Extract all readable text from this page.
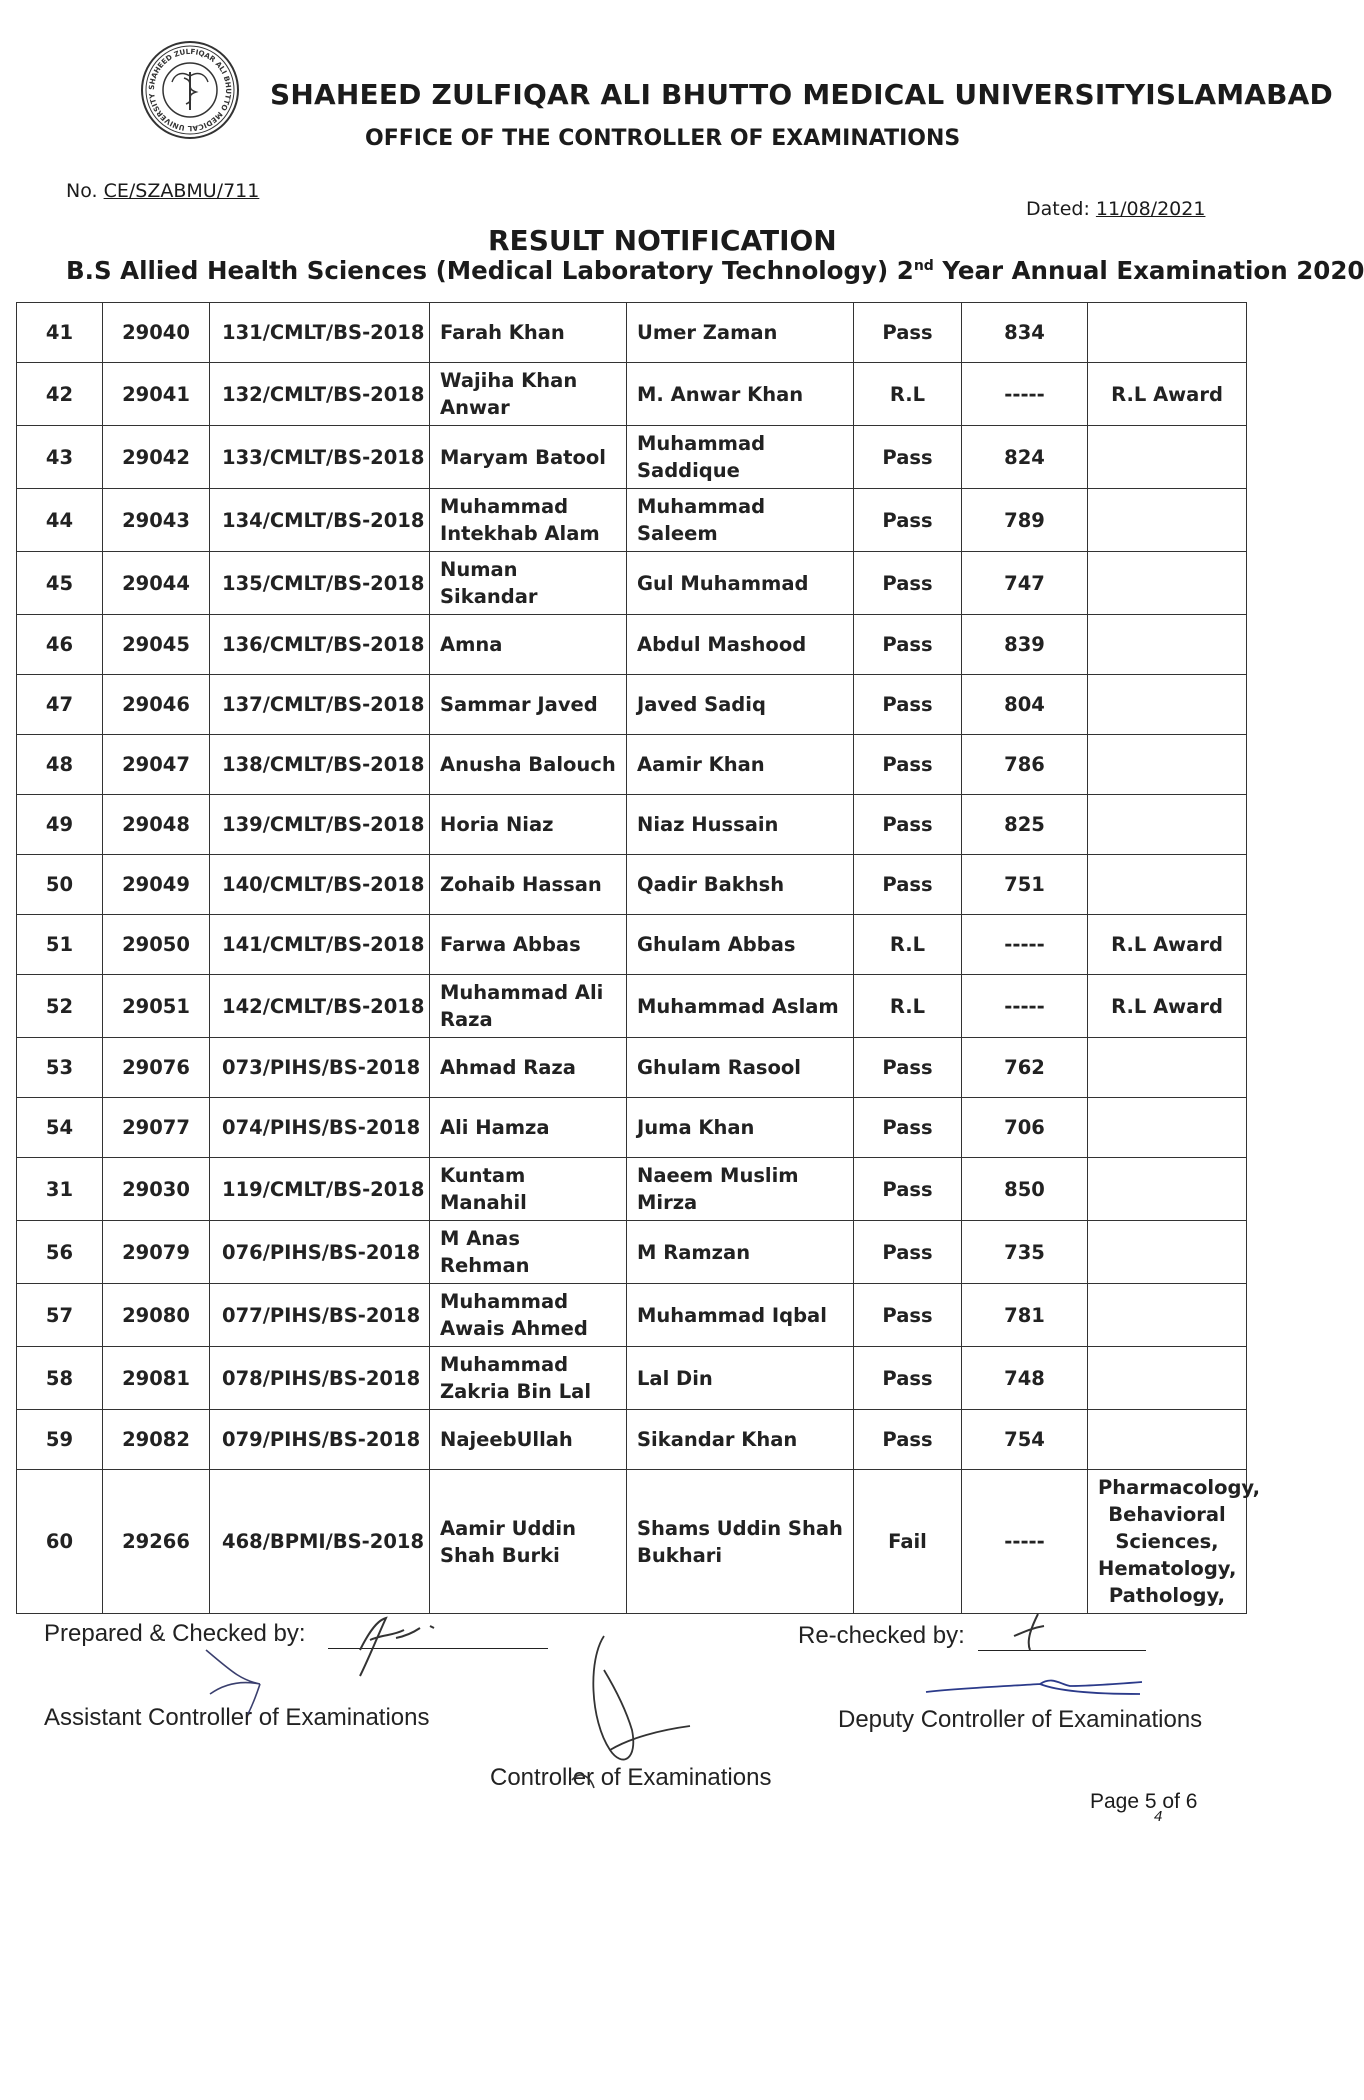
SHAHEED ZULFIQAR ALI BHUTTO MEDICAL UNIVERSITY	SHAHEED ZULFIQAR ALI BHUTTO MEDICAL UNIVERSITYISLAMABAD
OFFICE OF THE CONTROLLER OF EXAMINATIONS
No. CE/SZABMU/711
Dated: 11/08/2021
RESULT NOTIFICATION
B.S Allied Health Sciences (Medical Laboratory Technology) 2nd Year Annual Examination 2020
41	29040	131/CMLT/BS-2018	Farah Khan	Umer Zaman	Pass	834	
42	29041	132/CMLT/BS-2018	Wajiha Khan Anwar	M. Anwar Khan	R.L	-----	R.L Award
43	29042	133/CMLT/BS-2018	Maryam Batool	Muhammad Saddique	Pass	824	
44	29043	134/CMLT/BS-2018	Muhammad Intekhab Alam	Muhammad Saleem	Pass	789	
45	29044	135/CMLT/BS-2018	Numan Sikandar	Gul Muhammad	Pass	747	
46	29045	136/CMLT/BS-2018	Amna	Abdul Mashood	Pass	839	
47	29046	137/CMLT/BS-2018	Sammar Javed	Javed Sadiq	Pass	804	
48	29047	138/CMLT/BS-2018	Anusha Balouch	Aamir Khan	Pass	786	
49	29048	139/CMLT/BS-2018	Horia Niaz	Niaz Hussain	Pass	825	
50	29049	140/CMLT/BS-2018	Zohaib Hassan	Qadir Bakhsh	Pass	751	
51	29050	141/CMLT/BS-2018	Farwa Abbas	Ghulam Abbas	R.L	-----	R.L Award
52	29051	142/CMLT/BS-2018	Muhammad Ali Raza	Muhammad Aslam	R.L	-----	R.L Award
53	29076	073/PIHS/BS-2018	Ahmad Raza	Ghulam Rasool	Pass	762	
54	29077	074/PIHS/BS-2018	Ali Hamza	Juma Khan	Pass	706	
31	29030	119/CMLT/BS-2018	Kuntam Manahil	Naeem Muslim Mirza	Pass	850	
56	29079	076/PIHS/BS-2018	M Anas Rehman	M Ramzan	Pass	735	
57	29080	077/PIHS/BS-2018	Muhammad Awais Ahmed	Muhammad Iqbal	Pass	781	
58	29081	078/PIHS/BS-2018	Muhammad Zakria Bin Lal	Lal Din	Pass	748	
59	29082	079/PIHS/BS-2018	NajeebUllah	Sikandar Khan	Pass	754	
60	29266	468/BPMI/BS-2018	Aamir Uddin Shah Burki	Shams Uddin Shah Bukhari	Fail	-----	Pharmacology, Behavioral Sciences, Hematology, Pathology,
Prepared & Checked by:	Re-checked by:
Assistant Controller of Examinations	Deputy Controller of Examinations
Controller of Examinations
Page 5 of 6
4
